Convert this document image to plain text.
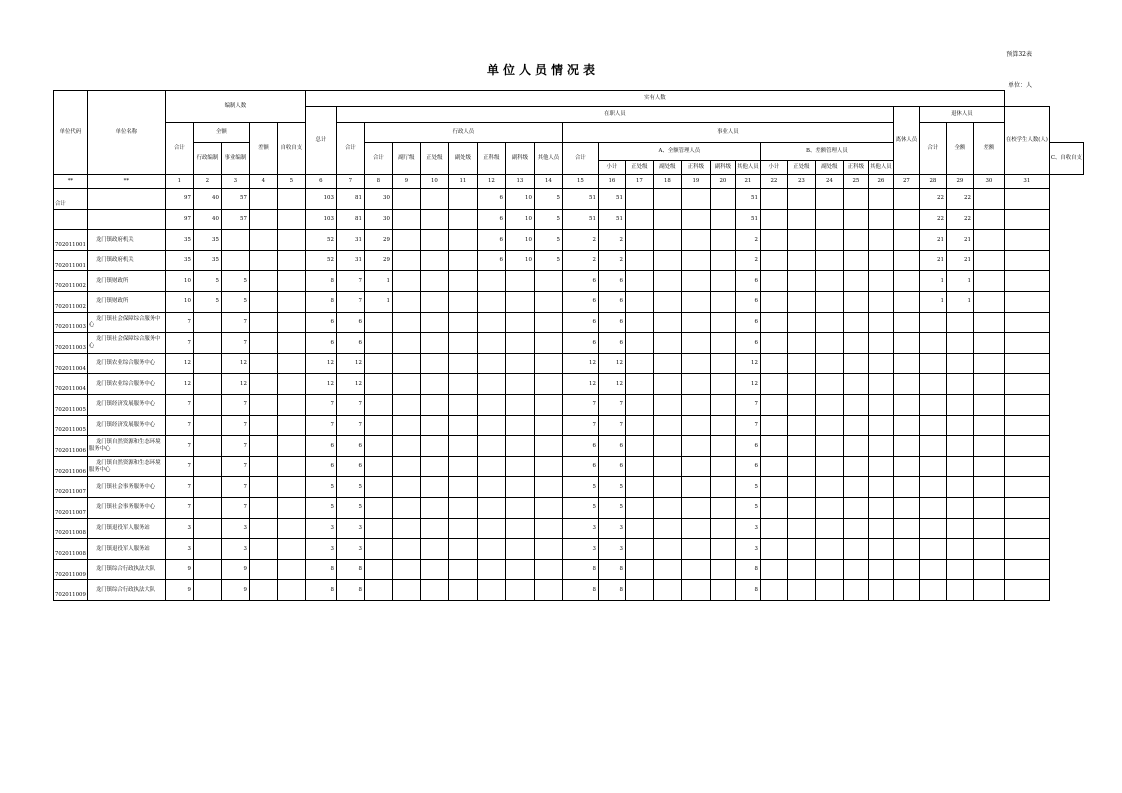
预算32表
单位人员情况表
单位：人
单位代码	单位名称	编制人数					实有人数																										
							总计	在职人员																				离休人员	退休人员			在校学生人数(人)	
		合计	全额		差额	自收自支		合计	行政人员							事业人员													合计	全额	差额		
			行政编制	事业编制					合计	副厅级	正处级	副处级	正科级	副科级	其他人员	合计	A、全额管理人员						B、差额管理人员										C、自收自支
																	小计	正处级	副处级	正科级	副科级	其他人员	小计	正处级	副处级	正科级	其他人员						
**	**	1	2	3	4	5	6	7	8	9	10	11	12	13	14	15	16	17	18	19	20	21	22	23	24	25	26	27	28	29	30	31	
合计		97	40	57			103	81	30				6	10	5	51	51					51							22	22			
		97	40	57			103	81	30				6	10	5	51	51					51							22	22			
702011001	龙门镇政府机关	35	35				52	31	29				6	10	5	2	2					2							21	21			
702011001	龙门镇政府机关	35	35				52	31	29				6	10	5	2	2					2							21	21			
702011002	龙门镇财政所	10	5	5			8	7	1							6	6					6							1	1			
702011002	龙门镇财政所	10	5	5			8	7	1							6	6					6							1	1			
702011003	龙门镇社会保障综合服务中心	7		7			6	6								6	6					6											
702011003	龙门镇社会保障综合服务中心	7		7			6	6								6	6					6											
702011004	龙门镇农业综合服务中心	12		12			12	12								12	12					12											
702011004	龙门镇农业综合服务中心	12		12			12	12								12	12					12											
702011005	龙门镇经济发展服务中心	7		7			7	7								7	7					7											
702011005	龙门镇经济发展服务中心	7		7			7	7								7	7					7											
702011006	龙门镇自然资源和生态环境服务中心	7		7			6	6								6	6					6											
702011006	龙门镇自然资源和生态环境服务中心	7		7			6	6								6	6					6											
702011007	龙门镇社会事务服务中心	7		7			5	5								5	5					5											
702011007	龙门镇社会事务服务中心	7		7			5	5								5	5					5											
702011008	龙门镇退役军人服务站	3		3			3	3								3	3					3											
702011008	龙门镇退役军人服务站	3		3			3	3								3	3					3											
702011009	龙门镇综合行政执法大队	9		9			8	8								8	8					8											
702011009	龙门镇综合行政执法大队	9		9			8	8								8	8					8											
